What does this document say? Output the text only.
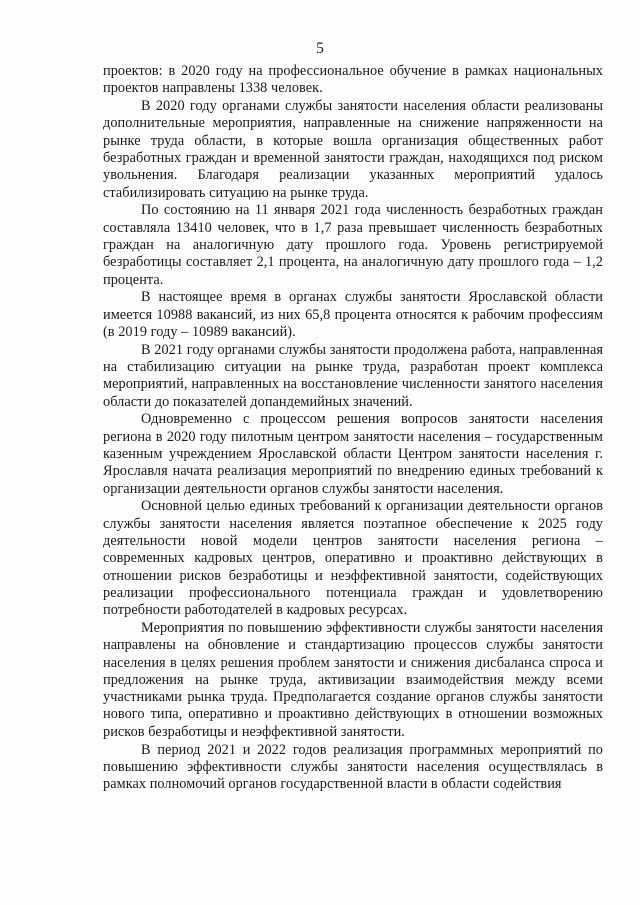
5

проектов: в 2020 году на профессиональное обучение в рамках национальных проектов направлены 1338 человек.

В 2020 году органами службы занятости населения области реализованы дополнительные мероприятия, направленные на снижение напряженности на рынке труда области, в которые вошла организация общественных работ безработных граждан и временной занятости граждан, находящихся под риском увольнения. Благодаря реализации указанных мероприятий удалось стабилизировать ситуацию на рынке труда.

По состоянию на 11 января 2021 года численность безработных граждан составляла 13410 человек, что в 1,7 раза превышает численность безработных граждан на аналогичную дату прошлого года. Уровень регистрируемой безработицы составляет 2,1 процента, на аналогичную дату прошлого года – 1,2 процента.

В настоящее время в органах службы занятости Ярославской области имеется 10988 вакансий, из них 65,8 процента относятся к рабочим профессиям (в 2019 году – 10989 вакансий).

В 2021 году органами службы занятости продолжена работа, направленная на стабилизацию ситуации на рынке труда, разработан проект комплекса мероприятий, направленных на восстановление численности занятого населения области до показателей допандемийных значений.

Одновременно с процессом решения вопросов занятости населения региона в 2020 году пилотным центром занятости населения – государственным казенным учреждением Ярославской области Центром занятости населения г. Ярославля начата реализация мероприятий по внедрению единых требований к организации деятельности органов службы занятости населения.

Основной целью единых требований к организации деятельности органов службы занятости населения является поэтапное обеспечение к 2025 году деятельности новой модели центров занятости населения региона – современных кадровых центров, оперативно и проактивно действующих в отношении рисков безработицы и неэффективной занятости, содействующих реализации профессионального потенциала граждан и удовлетворению потребности работодателей в кадровых ресурсах.

Мероприятия по повышению эффективности службы занятости населения направлены на обновление и стандартизацию процессов службы занятости населения в целях решения проблем занятости и снижения дисбаланса спроса и предложения на рынке труда, активизации взаимодействия между всеми участниками рынка труда. Предполагается создание органов службы занятости нового типа, оперативно и проактивно действующих в отношении возможных рисков безработицы и неэффективной занятости.

В период 2021 и 2022 годов реализация программных мероприятий по повышению эффективности службы занятости населения осуществлялась в рамках полномочий органов государственной власти в области содействия
